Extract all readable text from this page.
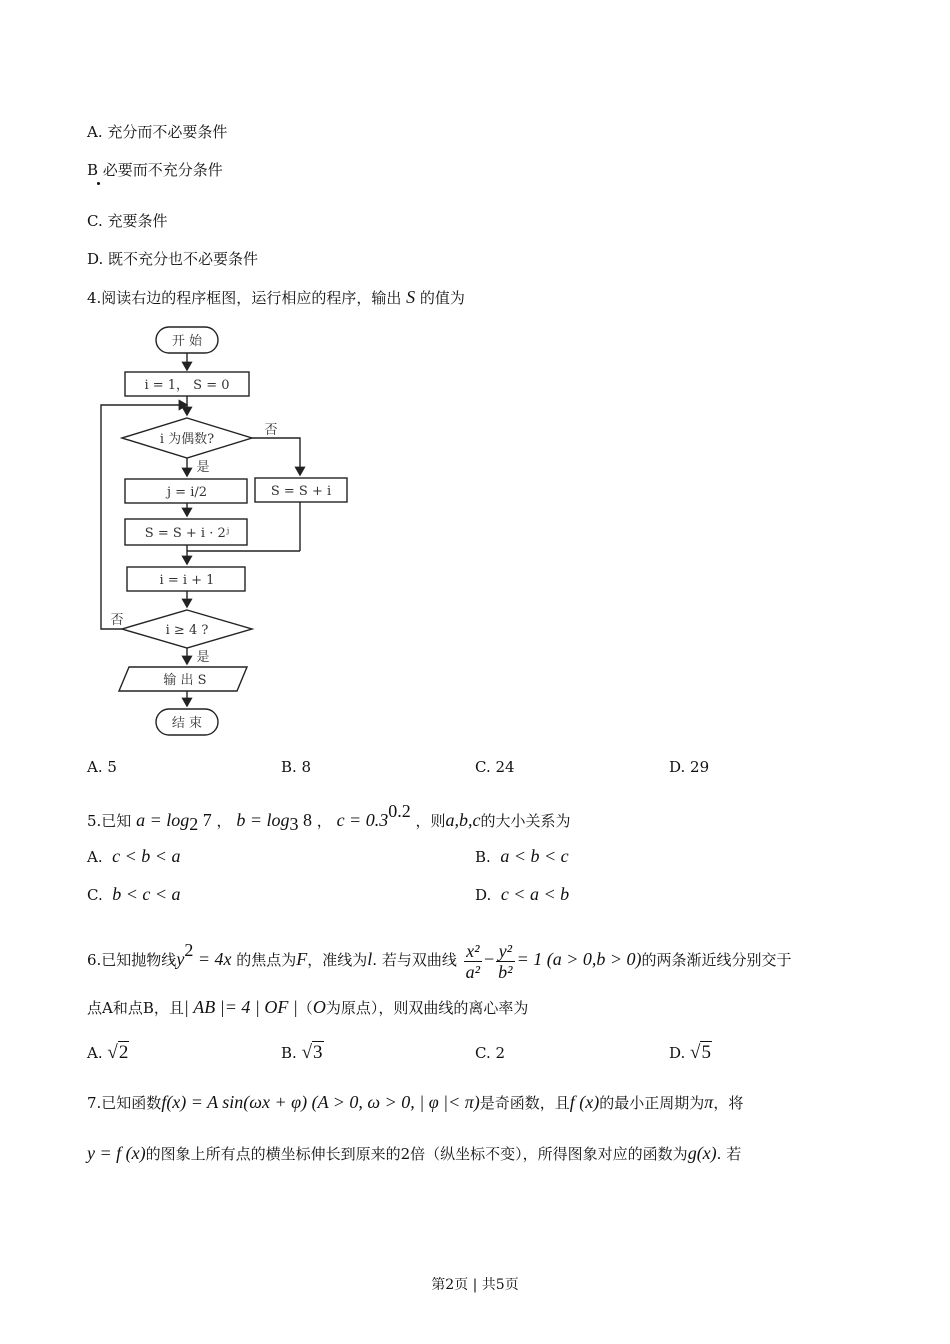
A. 充分而不必要条件
B 必要而不充分条件
C. 充要条件
D. 既不充分也不必要条件
4.阅读右边的程序框图，运行相应的程序，输出 S 的值为
开 始
i = 1， S = 0
i 为偶数?
否
是
j = i/2	S = S + i
S = S + i · 2ʲ
i = i + 1
i ≥ 4 ?
否
是
输 出 S
结 束
A. 5	B. 8	C. 24	D. 29
5.已知 $a = \log_2 7$ ， $b = \log_3 8$ ， $c = 0.3^{0.2}$ ，则a,b,c的大小关系为
A. c < b < a	B. a < b < c
C. b < c < a	D. c < a < b
6.已知抛物线$y^2 = 4x$ 的焦点为F，准线为l. 若与双曲线 $\frac{\text{x²}}{\text{a²}} - \frac{\text{y²}}{\text{b²}} = 1$ (a > 0,b > 0)的两条渐近线分别交于
点A和点B，且| AB |= 4 | OF |（O为原点），则双曲线的离心率为
A. √2	B. √3	C. 2	D. √5
7.已知函数f(x) = A sin(ωx + φ) (A > 0, ω > 0, | φ |< π)是奇函数，且f (x)的最小正周期为π，将
y = f (x)的图象上所有点的横坐标伸长到原来的2倍（纵坐标不变），所得图象对应的函数为g(x). 若
第2页 | 共5页
